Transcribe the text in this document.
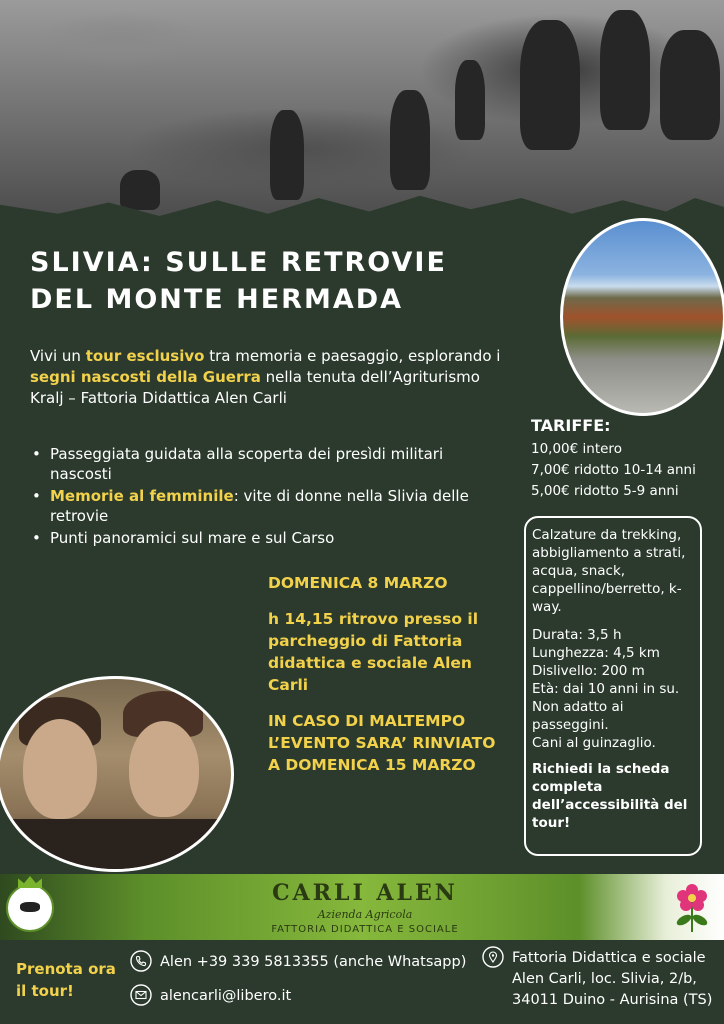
SLIVIA: SULLE RETROVIE
DEL MONTE HERMADA

Vivi un tour esclusivo tra memoria e paesaggio, esplorando i segni nascosti della Guerra nella tenuta dell’Agriturismo Kralj – Fattoria Didattica Alen Carli

• Passeggiata guidata alla scoperta dei presìdi militari nascosti
• Memorie al femminile: vite di donne nella Slivia delle retrovie
• Punti panoramici sul mare e sul Carso
TARIFFE:

10,00€ intero

7,00€ ridotto 10-14 anni

5,00€ ridotto 5-9 anni

Calzature da trekking, abbigliamento a strati, acqua, snack, cappellino/berretto, k-way.

Durata: 3,5 h
Lunghezza: 4,5 km
Dislivello: 200 m
Età: dai 10 anni in su.
Non adatto ai passeggini.
Cani al guinzaglio.

Richiedi la scheda completa dell’accessibilità del tour!

DOMENICA 8 MARZO

h 14,15 ritrovo presso il parcheggio di Fattoria didattica e sociale Alen Carli

IN CASO DI MALTEMPO L’EVENTO SARA’ RINVIATO A DOMENICA 15 MARZO

CARLI ALEN

Azienda Agricola

FATTORIA DIDATTICA E SOCIALE

Prenota ora
il tour!

Alen +39 339 5813355 (anche Whatsapp)
alencarli@libero.it
Fattoria Didattica e sociale Alen Carli, loc. Slivia, 2/b, 34011 Duino - Aurisina (TS)
